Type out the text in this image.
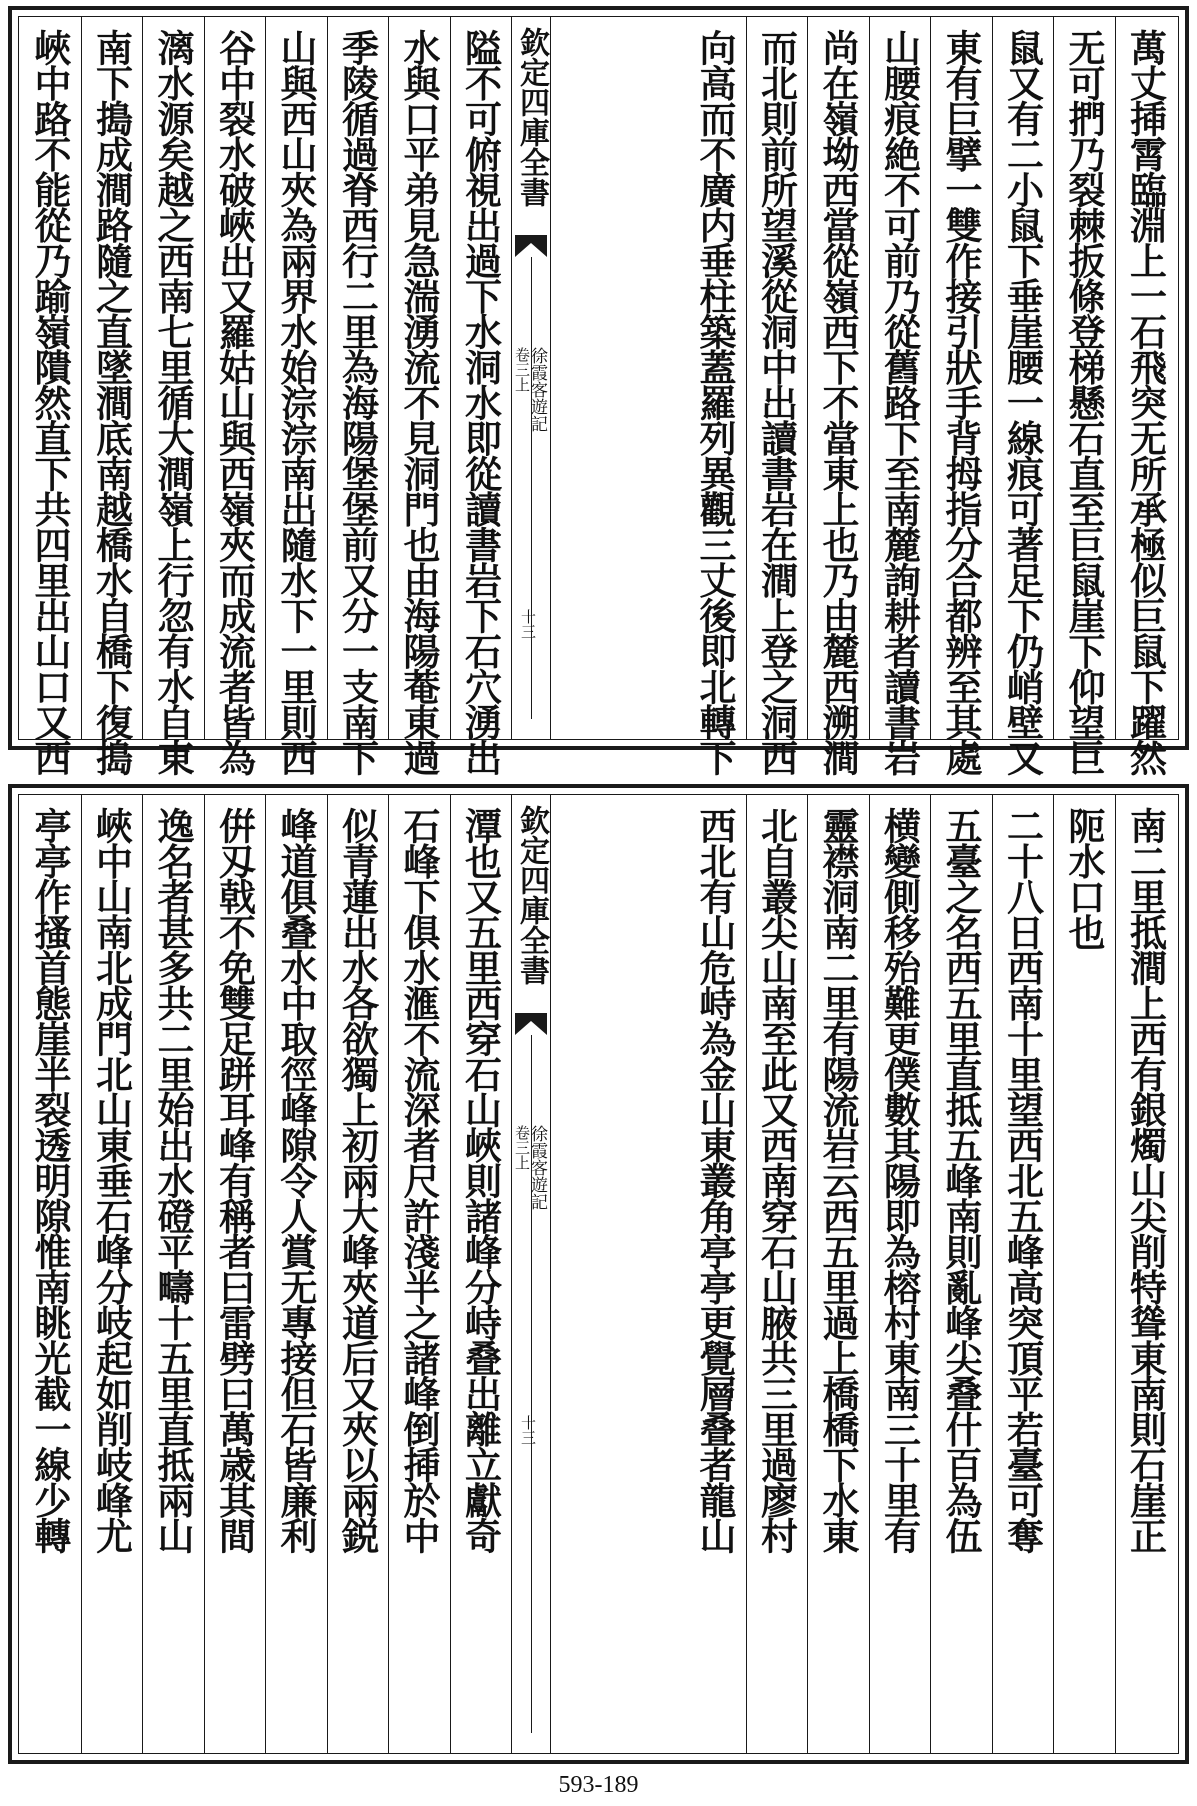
萬丈揷霄臨淵上一石飛突无所承極似巨鼠下躍然
无可捫乃裂棘扳條登梯懸石直至巨鼠崖下仰望巨
鼠又有二小鼠下垂崖腰一線痕可著足下仍峭壁又
東有巨擘一雙作接引狀手背拇指分合都辨至其處
山腰痕絶不可前乃從舊路下至南麓詢耕者讀書岩
尚在嶺坳西當從嶺西下不當東上也乃由麓西溯澗
而北則前所望溪從洞中出讀書岩在澗上登之洞西
向高而不廣内垂柱築蓋羅列異觀三丈後即北轉下
隘不可俯視出過下水洞水即從讀書岩下石穴湧出
水與口平弟見急湍湧流不見洞門也由海陽菴東過
季陵循過脊西行二里為海陽堡堡前又分一支南下
山與西山夾為兩界水始淙淙南出隨水下一里則西
谷中裂水破峽出又羅姑山與西嶺夾而成流者皆為
漓水源矣越之西南七里循大澗嶺上行忽有水自東
南下搗成澗路隨之直墜澗底南越橋水自橋下復搗
峽中路不能從乃踰嶺隤然直下共四里出山口又西	欽定四庫全書
徐霞客遊記
卷三上
十三
南二里抵澗上西有銀燭山尖削特聳東南則石崖正
阨水口也
二十八日西南十里望西北五峰高突頂平若臺可奪
五臺之名西五里直抵五峰南則亂峰尖叠什百為伍
横變側移殆難更僕數其陽即為榕村東南三十里有
靈襟洞南二里有陽流岩云西五里過上橋橋下水東
北自叢尖山南至此又西南穿石山腋共三里過廖村
西北有山危峙為金山東叢角亭亭更覺層叠者龍山
潭也又五里西穿石山峽則諸峰分峙叠出離立獻奇
石峰下俱水滙不流深者尺許淺半之諸峰倒揷於中
似青蓮出水各欲獨上初兩大峰夾道后又夾以兩鋭
峰道俱叠水中取徑峰隙令人賞无專接但石皆廉利
倂刄戟不免雙足跰耳峰有稱者曰雷劈曰萬歳其間
逸名者甚多共二里始出水磴平疇十五里直抵兩山
峽中山南北成門北山東垂石峰分岐起如削岐峰尤
亭亭作搔首態崖半裂透明隙惟南眺光截一線少轉	欽定四庫全書
徐霞客遊記
卷三上
十三
593-189
